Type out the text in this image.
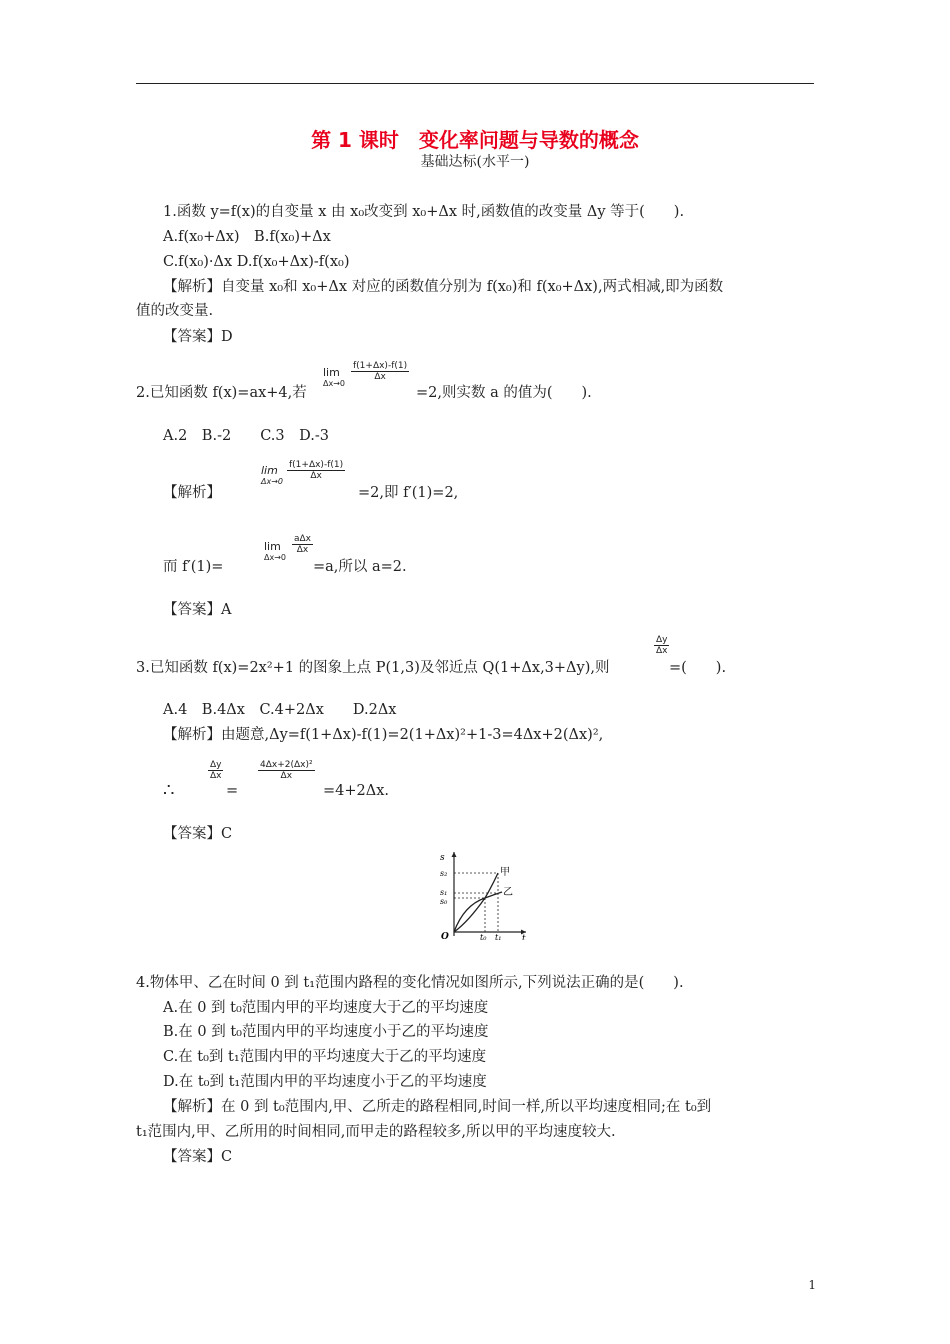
第 1 课时　变化率问题与导数的概念
基础达标(水平一)
1.函数 y=f(x)的自变量 x 由 x₀改变到 x₀+Δx 时,函数值的改变量 Δy 等于(　　).
A.f(x₀+Δx)　B.f(x₀)+Δx
C.f(x₀)·Δx D.f(x₀+Δx)-f(x₀)
【解析】自变量 x₀和 x₀+Δx 对应的函数值分别为 f(x₀)和 f(x₀+Δx),两式相减,即为函数
值的改变量.
【答案】D
2.已知函数 f(x)=ax+4,若
lim
Δx→0
$\frac{f(1+\Delta x)-f(1)}{\Delta x}$
=2,则实数 a 的值为(　　).
A.2　B.-2　　C.3　D.-3
【解析】
lim
Δx→0
$\frac{f(1+\Delta x)-f(1)}{\Delta x}$
=2,即 f′(1)=2,
而 f′(1)=
lim
Δx→0
aΔx
Δx
=a,所以 a=2.
【答案】A
3.已知函数 f(x)=2x²+1 的图象上点 P(1,3)及邻近点 Q(1+Δx,3+Δy),则
$\frac{\Delta y}{\Delta x}$
=(　　).
A.4　B.4Δx　C.4+2Δx　　D.2Δx
【解析】由题意,Δy=f(1+Δx)-f(1)=2(1+Δx)²+1-3=4Δx+2(Δx)²,
∴
$\frac{\Delta y}{\Delta x}$
=
$\frac{\text{4Δx+2(Δx)²}}{\Delta x}$
=4+2Δx.
【答案】C
s
t
O
s₂
s₁
s₀
t₀ t₁
甲
乙
4.物体甲、乙在时间 0 到 t₁范围内路程的变化情况如图所示,下列说法正确的是(　　).
A.在 0 到 t₀范围内甲的平均速度大于乙的平均速度
B.在 0 到 t₀范围内甲的平均速度小于乙的平均速度
C.在 t₀到 t₁范围内甲的平均速度大于乙的平均速度
D.在 t₀到 t₁范围内甲的平均速度小于乙的平均速度
【解析】在 0 到 t₀范围内,甲、乙所走的路程相同,时间一样,所以平均速度相同;在 t₀到
t₁范围内,甲、乙所用的时间相同,而甲走的路程较多,所以甲的平均速度较大.
【答案】C
1
